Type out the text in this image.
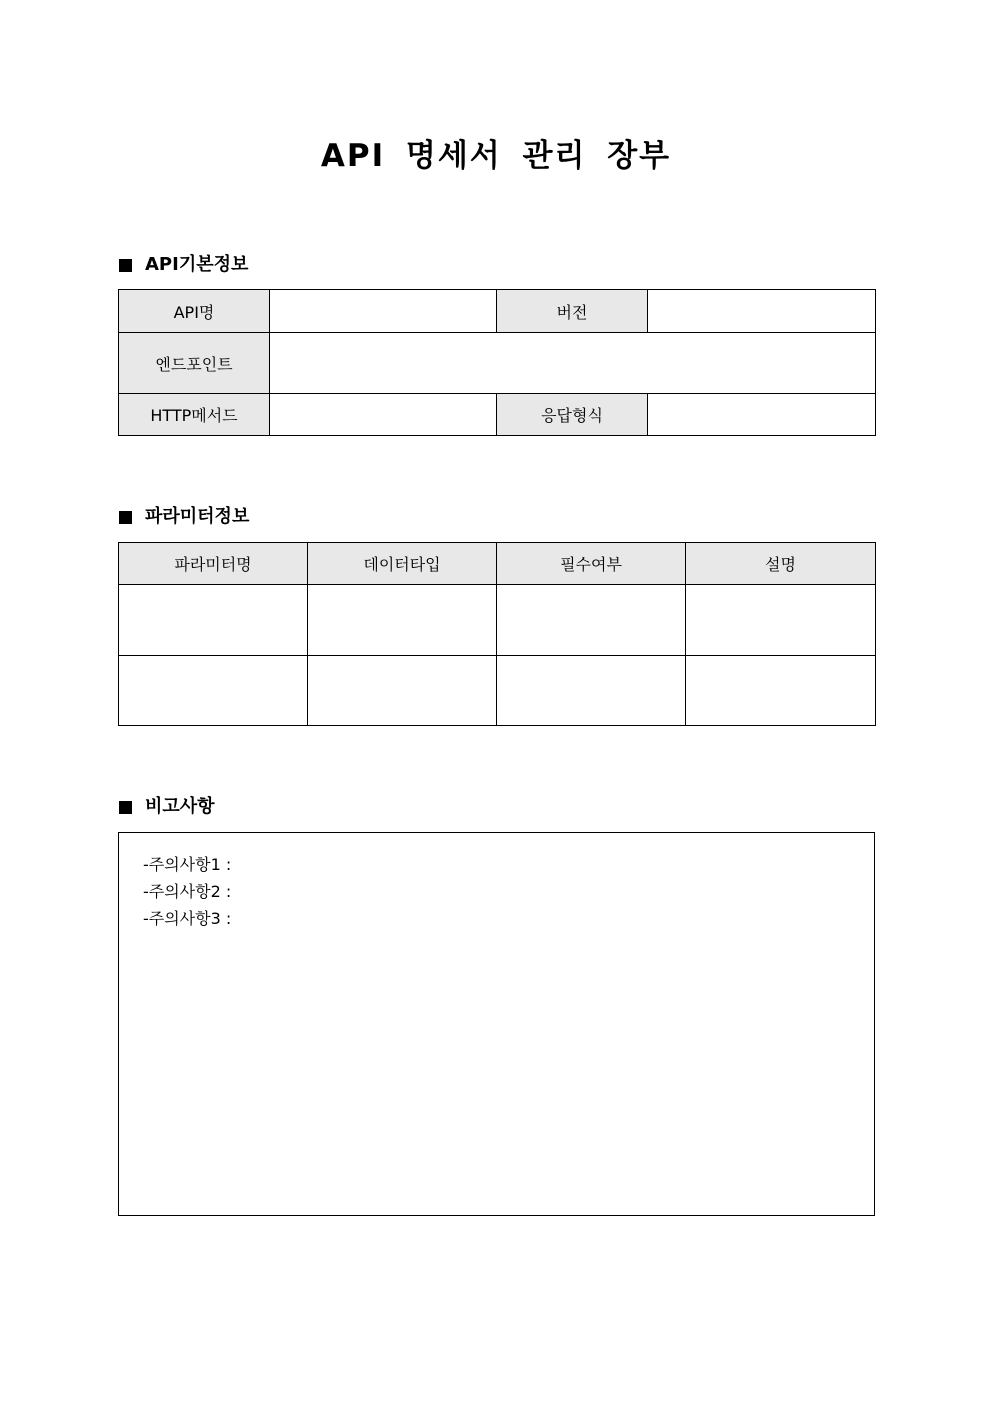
API 명세서 관리 장부
API기본정보
API명		버전	
엔드포인트			
HTTP메서드		응답형식	
파라미터정보
파라미터명	데이터타입	필수여부	설명

비고사항
-주의사항1 :
-주의사항2 :
-주의사항3 :
